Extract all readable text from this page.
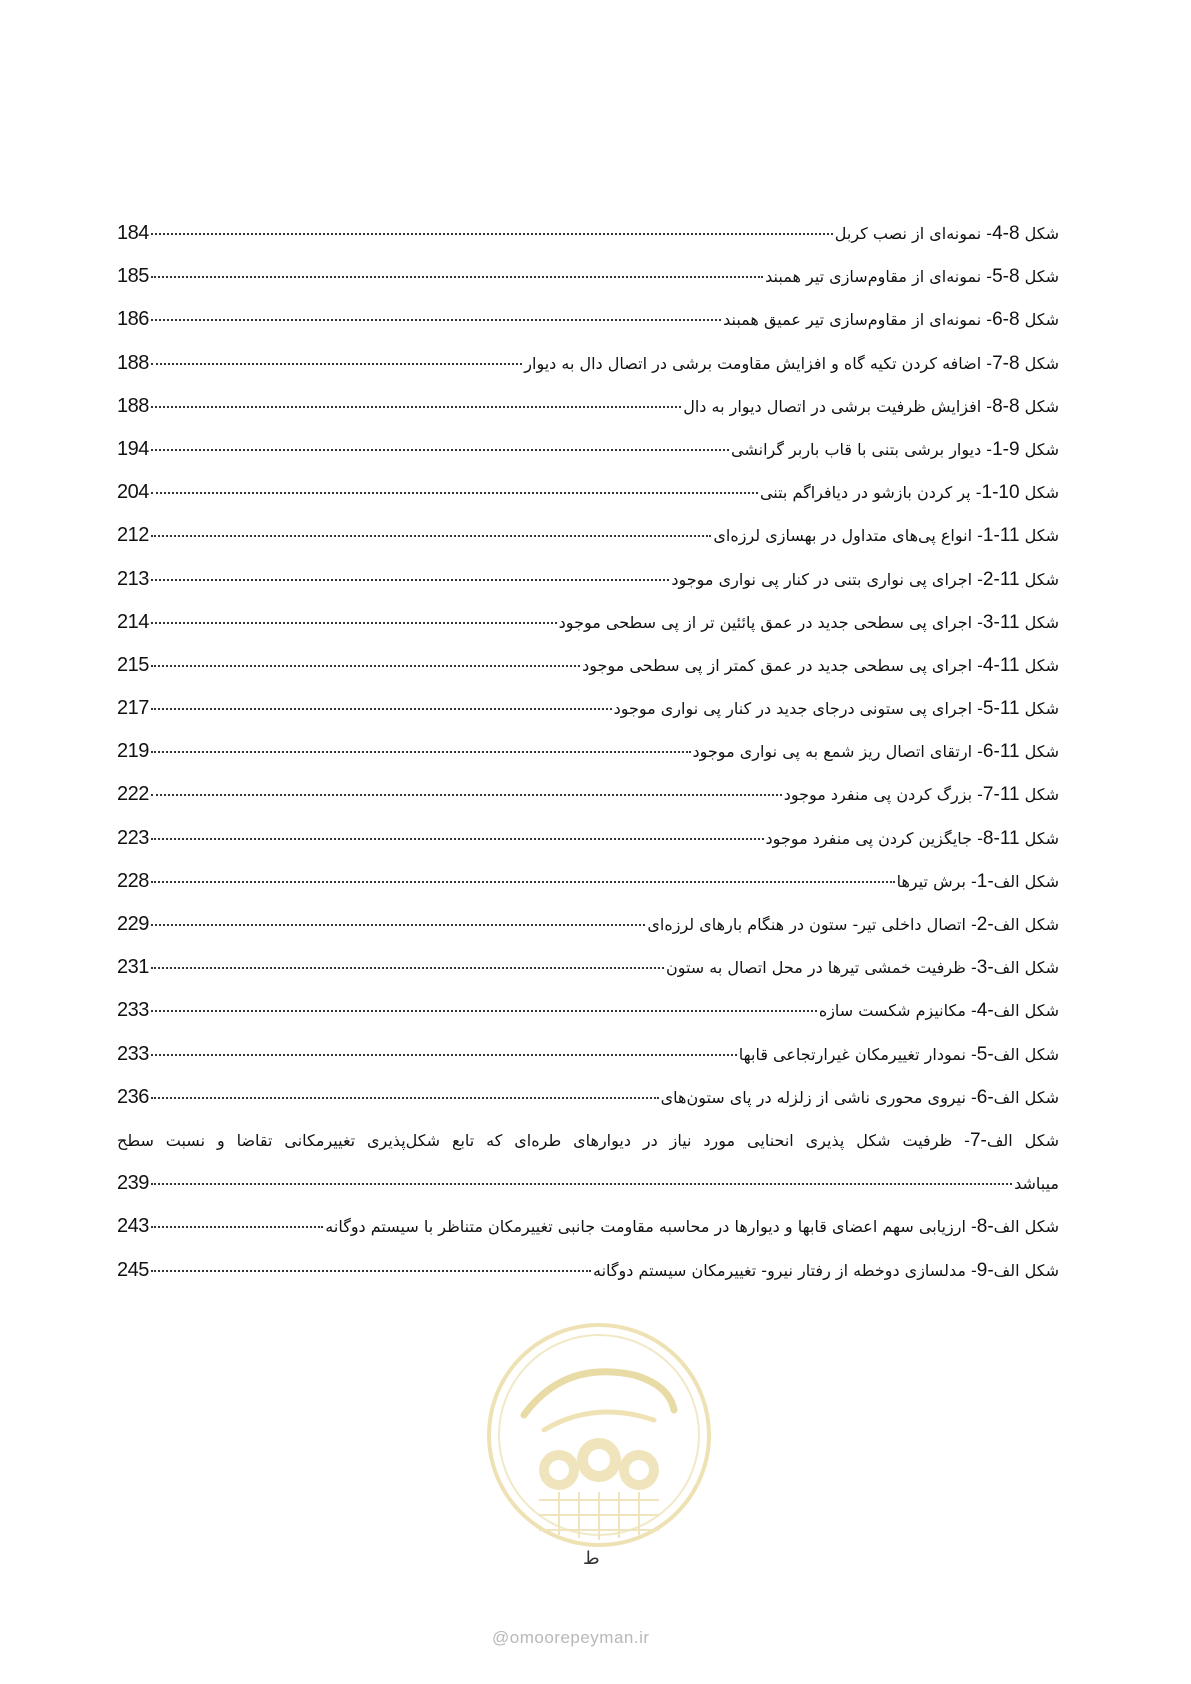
184	شکل 8-4- نمونه‌ای از نصب کربل
185	شکل 8-5- نمونه‌ای از مقاوم‌سازی تیر همبند
186	شکل 8-6- نمونه‌ای از مقاوم‌سازی تیر عمیق همبند
188	شکل 8-7- اضافه کردن تکیه گاه و افزایش مقاومت برشی در اتصال دال به دیوار
188	شکل 8-8- افزایش ظرفیت برشی در اتصال دیوار به دال
194	شکل 9-1- دیوار برشی بتنی با قاب باربر گرانشی
204	شکل 10-1- پر کردن بازشو در دیافراگم بتنی
212	شکل 11-1- انواع پی‌های متداول در بهسازی لرزه‌ای
213	شکل 11-2- اجرای پی نواری بتنی در کنار پی نواری موجود
214	شکل 11-3- اجرای پی سطحی جدید در عمق پائئین تر از پی سطحی موجود
215	شکل 11-4- اجرای پی سطحی جدید در عمق کمتر از پی سطحی موجود
217	شکل 11-5- اجرای پی ستونی درجای جدید در کنار پی نواری موجود
219	شکل 11-6- ارتقای اتصال ریز شمع به پی نواری موجود
222	شکل 11-7- بزرگ کردن پی منفرد موجود
223	شکل 11-8- جایگزین کردن پی منفرد موجود
228	شکل الف-1- برش تیرها
229	شکل الف-2- اتصال داخلی تیر- ستون در هنگام بارهای لرزه‌ای
231	شکل الف-3- ظرفیت خمشی تیرها در محل اتصال به ستون
233	شکل الف-4- مکانیزم شکست سازه
233	شکل الف-5- نمودار تغییرمکان غیرارتجاعی قابها
236	شکل الف-6- نیروی محوری ناشی از زلزله در پای ستون‌های
شکل الف-7- ظرفیت شکل پذیری انحنایی مورد نیاز در دیوارهای طره‌ای که تابع شکل‌پذیری تغییرمکانی تقاضا و نسبت سطح
239	میباشد
243	شکل الف-8- ارزیابی سهم اعضای قابها و دیوارها در محاسبه مقاومت جانبی تغییرمکان متناظر با سیستم دوگانه
245	شکل الف-9- مدلسازی دوخطه از رفتار نیرو- تغییرمکان سیستم دوگانه
ط
@omoorepeyman.ir
